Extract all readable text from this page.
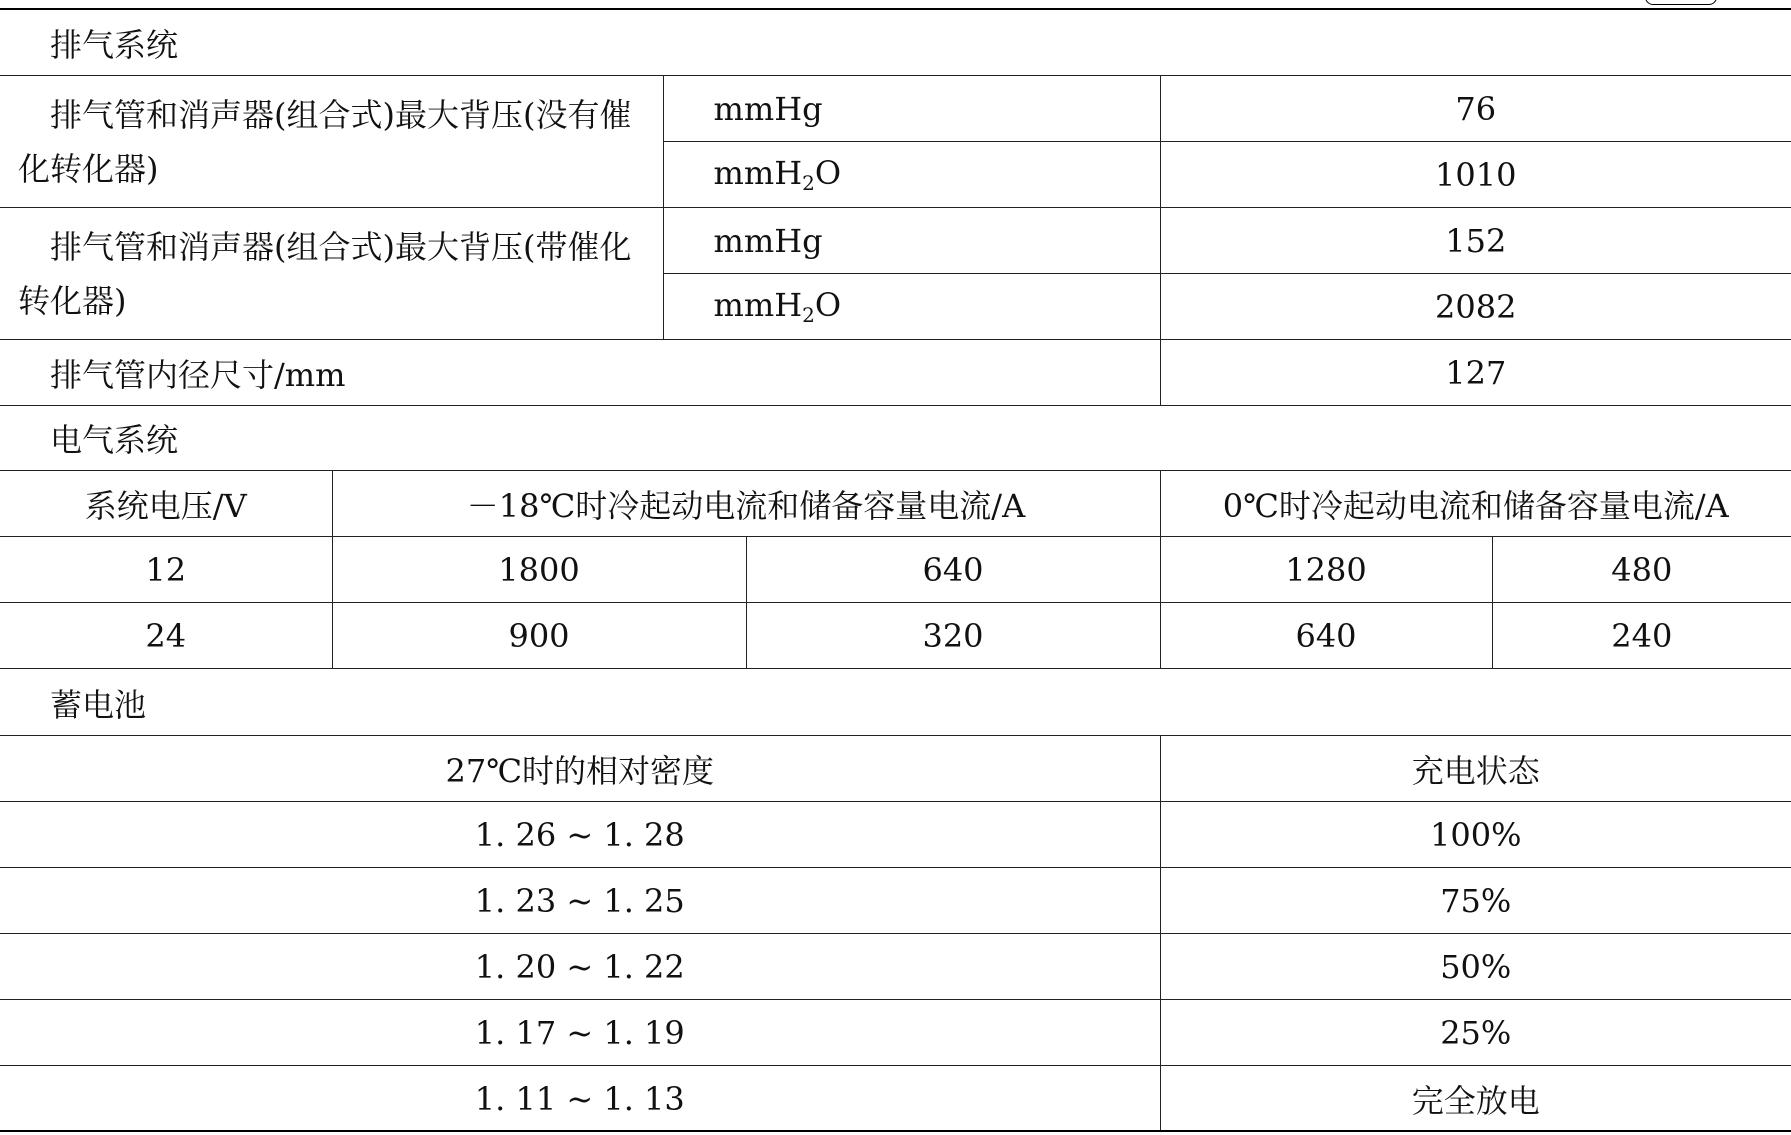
排气系统		
排气管和消声器(组合式)最大背压(没有催化转化器)	mmHg	76
	mmH$_2$O	1010
排气管和消声器(组合式)最大背压(带催化转化器)	mmHg	152
	mmH$_2$O	2082
排气管内径尺寸/mm		127
电气系统				
系统电压/V	－18℃时冷起动电流和储备容量电流/A		0℃时冷起动电流和储备容量电流/A	
12	1800	640	1280	480
24	900	320	640	240
蓄电池	
27℃时的相对密度	充电状态
1. 26 ~ 1. 28	100%
1. 23 ~ 1. 25	75%
1. 20 ~ 1. 22	50%
1. 17 ~ 1. 19	25%
1. 11 ~ 1. 13	完全放电
